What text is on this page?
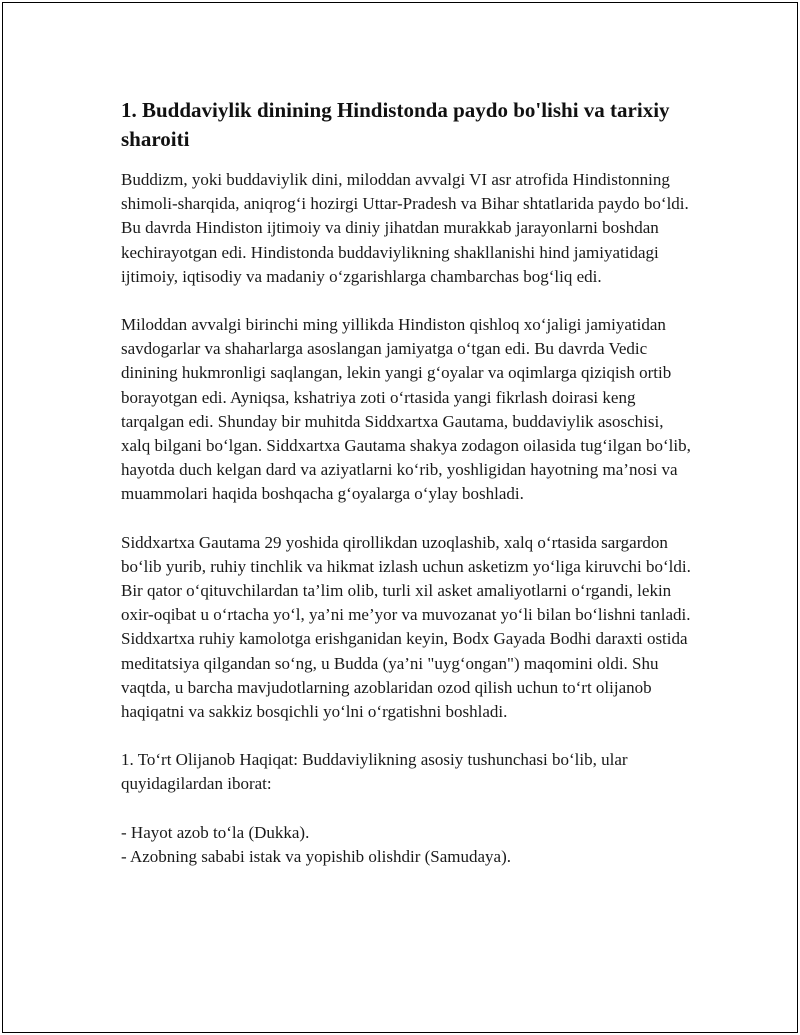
1. Buddaviylik dinining Hindistonda paydo bo'lishi va tarixiy sharoiti

Buddizm, yoki buddaviylik dini, miloddan avvalgi VI asr atrofida Hindistonning shimoli-sharqida, aniqrog‘i hozirgi Uttar-Pradesh va Bihar shtatlarida paydo bo‘ldi. Bu davrda Hindiston ijtimoiy va diniy jihatdan murakkab jarayonlarni boshdan kechirayotgan edi. Hindistonda buddaviylikning shakllanishi hind jamiyatidagi ijtimoiy, iqtisodiy va madaniy o‘zgarishlarga chambarchas bog‘liq edi.

Miloddan avvalgi birinchi ming yillikda Hindiston qishloq xo‘jaligi jamiyatidan savdogarlar va shaharlarga asoslangan jamiyatga o‘tgan edi. Bu davrda Vedic dinining hukmronligi saqlangan, lekin yangi g‘oyalar va oqimlarga qiziqish ortib borayotgan edi. Ayniqsa, kshatriya zoti o‘rtasida yangi fikrlash doirasi keng tarqalgan edi. Shunday bir muhitda Siddxartxa Gautama, buddaviylik asoschisi, xalq bilgani bo‘lgan. Siddxartxa Gautama shakya zodagon oilasida tug‘ilgan bo‘lib, hayotda duch kelgan dard va aziyatlarni ko‘rib, yoshligidan hayotning ma’nosi va muammolari haqida boshqacha g‘oyalarga o‘ylay boshladi.

Siddxartxa Gautama 29 yoshida qirollikdan uzoqlashib, xalq o‘rtasida sargardon bo‘lib yurib, ruhiy tinchlik va hikmat izlash uchun asketizm yo‘liga kiruvchi bo‘ldi. Bir qator o‘qituvchilardan ta’lim olib, turli xil asket amaliyotlarni o‘rgandi, lekin oxir-oqibat u o‘rtacha yo‘l, ya’ni me’yor va muvozanat yo‘li bilan bo‘lishni tanladi. Siddxartxa ruhiy kamolotga erishganidan keyin, Bodx Gayada Bodhi daraxti ostida meditatsiya qilgandan so‘ng, u Budda (ya’ni "uyg‘ongan") maqomini oldi. Shu vaqtda, u barcha mavjudotlarning azoblaridan ozod qilish uchun to‘rt olijanob haqiqatni va sakkiz bosqichli yo‘lni o‘rgatishni boshladi.

1. To‘rt Olijanob Haqiqat: Buddaviylikning asosiy tushunchasi bo‘lib, ular quyidagilardan iborat:

- Hayot azob to‘la (Dukka).
- Azobning sababi istak va yopishib olishdir (Samudaya).
